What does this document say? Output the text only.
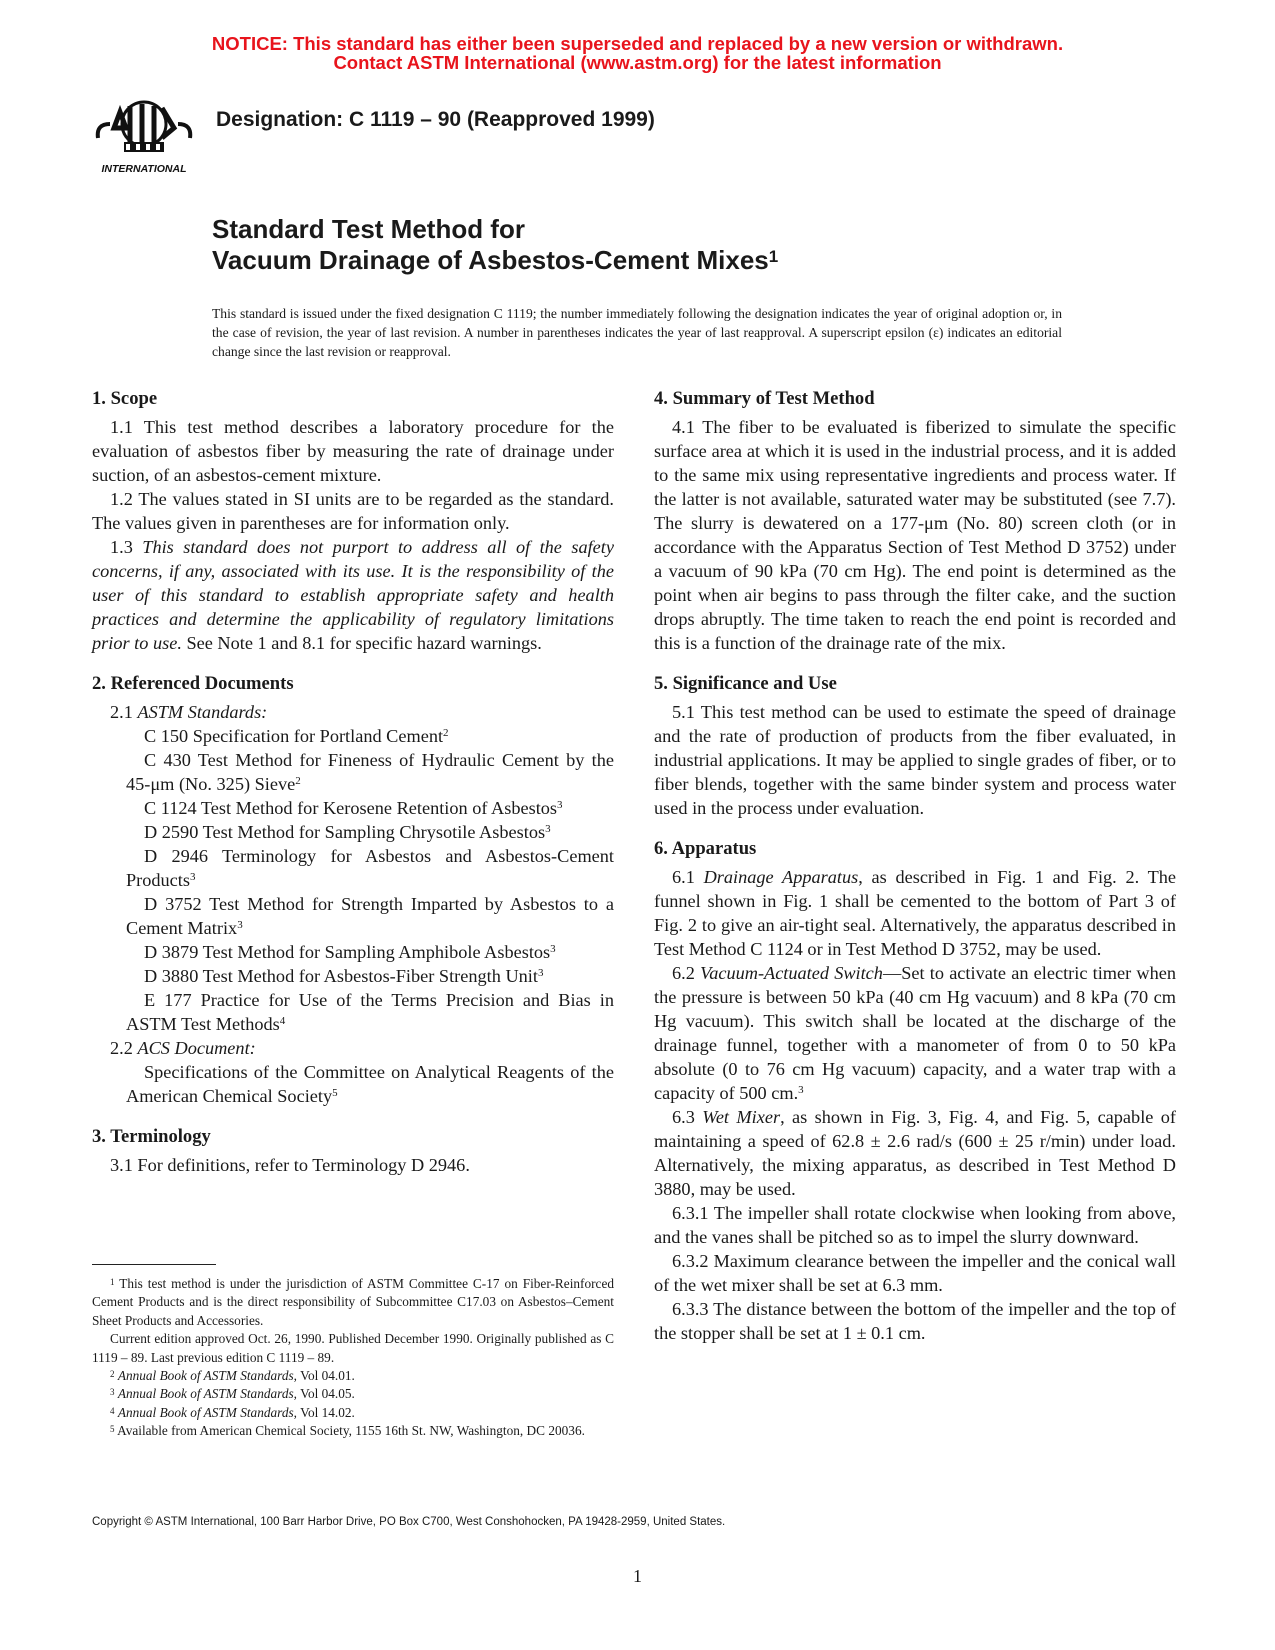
NOTICE: This standard has either been superseded and replaced by a new version or withdrawn.
Contact ASTM International (www.astm.org) for the latest information
INTERNATIONAL
Designation: C 1119 – 90 (Reapproved 1999)
Standard Test Method for
Vacuum Drainage of Asbestos-Cement Mixes$^1$
This standard is issued under the fixed designation C 1119; the number immediately following the designation indicates the year of original adoption or, in the case of revision, the year of last revision. A number in parentheses indicates the year of last reapproval. A superscript epsilon (ε) indicates an editorial change since the last revision or reapproval.
1. Scope

1.1 This test method describes a laboratory procedure for the evaluation of asbestos fiber by measuring the rate of drainage under suction, of an asbestos-cement mixture.

1.2 The values stated in SI units are to be regarded as the standard. The values given in parentheses are for information only.

1.3 This standard does not purport to address all of the safety concerns, if any, associated with its use. It is the responsibility of the user of this standard to establish appropriate safety and health practices and determine the applicability of regulatory limitations prior to use. See Note 1 and 8.1 for specific hazard warnings.

2. Referenced Documents

2.1 ASTM Standards:

C 150 Specification for Portland Cement$^2$

C 430 Test Method for Fineness of Hydraulic Cement by the 45-μm (No. 325) Sieve$^2$

C 1124 Test Method for Kerosene Retention of Asbestos$^3$

D 2590 Test Method for Sampling Chrysotile Asbestos$^3$

D 2946 Terminology for Asbestos and Asbestos-Cement Products$^3$

D 3752 Test Method for Strength Imparted by Asbestos to a Cement Matrix$^3$

D 3879 Test Method for Sampling Amphibole Asbestos$^3$

D 3880 Test Method for Asbestos-Fiber Strength Unit$^3$

E 177 Practice for Use of the Terms Precision and Bias in ASTM Test Methods$^4$

2.2 ACS Document:

Specifications of the Committee on Analytical Reagents of the American Chemical Society$^5$

3. Terminology

3.1 For definitions, refer to Terminology D 2946.

4. Summary of Test Method

4.1 The fiber to be evaluated is fiberized to simulate the specific surface area at which it is used in the industrial process, and it is added to the same mix using representative ingredients and process water. If the latter is not available, saturated water may be substituted (see 7.7). The slurry is dewatered on a 177-μm (No. 80) screen cloth (or in accordance with the Apparatus Section of Test Method D 3752) under a vacuum of 90 kPa (70 cm Hg). The end point is determined as the point when air begins to pass through the filter cake, and the suction drops abruptly. The time taken to reach the end point is recorded and this is a function of the drainage rate of the mix.

5. Significance and Use

5.1 This test method can be used to estimate the speed of drainage and the rate of production of products from the fiber evaluated, in industrial applications. It may be applied to single grades of fiber, or to fiber blends, together with the same binder system and process water used in the process under evaluation.

6. Apparatus

6.1 Drainage Apparatus, as described in Fig. 1 and Fig. 2. The funnel shown in Fig. 1 shall be cemented to the bottom of Part 3 of Fig. 2 to give an air-tight seal. Alternatively, the apparatus described in Test Method C 1124 or in Test Method D 3752, may be used.

6.2 Vacuum-Actuated Switch—Set to activate an electric timer when the pressure is between 50 kPa (40 cm Hg vacuum) and 8 kPa (70 cm Hg vacuum). This switch shall be located at the discharge of the drainage funnel, together with a manometer of from 0 to 50 kPa absolute (0 to 76 cm Hg vacuum) capacity, and a water trap with a capacity of 500 cm.$^3$

6.3 Wet Mixer, as shown in Fig. 3, Fig. 4, and Fig. 5, capable of maintaining a speed of 62.8 ± 2.6 rad/s (600 ± 25 r/min) under load. Alternatively, the mixing apparatus, as described in Test Method D 3880, may be used.

6.3.1 The impeller shall rotate clockwise when looking from above, and the vanes shall be pitched so as to impel the slurry downward.

6.3.2 Maximum clearance between the impeller and the conical wall of the wet mixer shall be set at 6.3 mm.

6.3.3 The distance between the bottom of the impeller and the top of the stopper shall be set at 1 ± 0.1 cm.

$^1$ This test method is under the jurisdiction of ASTM Committee C-17 on Fiber-Reinforced Cement Products and is the direct responsibility of Subcommittee C17.03 on Asbestos–Cement Sheet Products and Accessories.

Current edition approved Oct. 26, 1990. Published December 1990. Originally published as C 1119 – 89. Last previous edition C 1119 – 89.

$^2$ Annual Book of ASTM Standards, Vol 04.01.

$^3$ Annual Book of ASTM Standards, Vol 04.05.

$^4$ Annual Book of ASTM Standards, Vol 14.02.

$^5$ Available from American Chemical Society, 1155 16th St. NW, Washington, DC 20036.

Copyright © ASTM International, 100 Barr Harbor Drive, PO Box C700, West Conshohocken, PA 19428-2959, United States.
1
